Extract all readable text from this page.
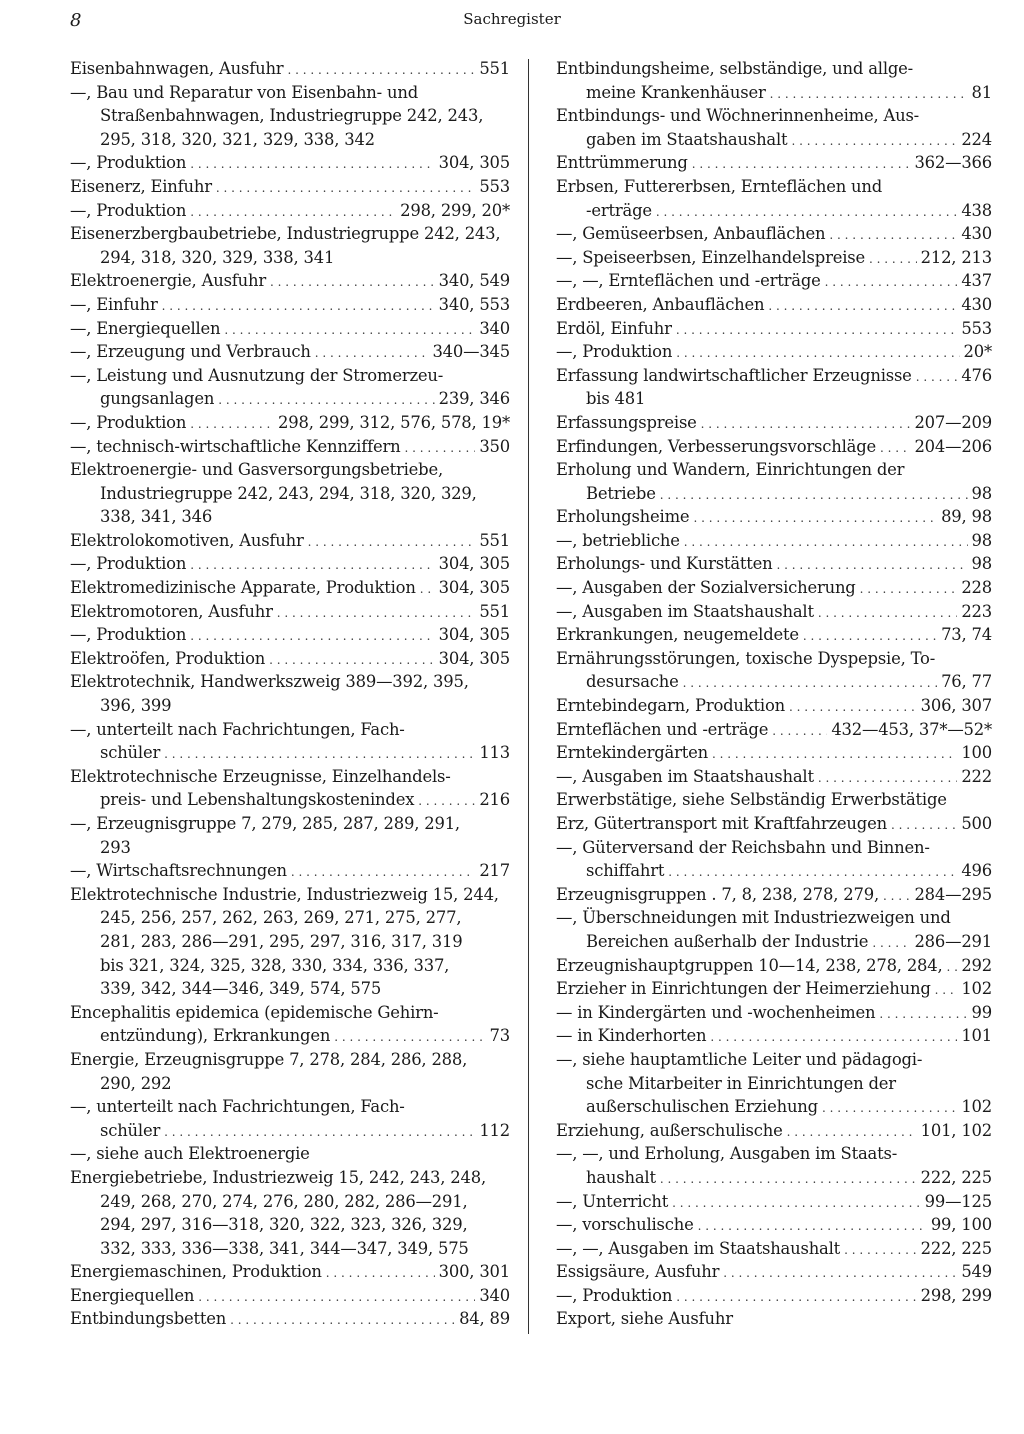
8	Sachregister
Eisenbahnwagen, Ausfuhr . . .	551
—, Bau und Reparatur von Eisenbahn- und
Straßenbahnwagen, Industriegruppe 242, 243,
295, 318, 320, 321, 329, 338, 342
—, Produktion . . .	304, 305
Eisenerz, Einfuhr . . .	553
—, Produktion . . .	298, 299, 20*
Eisenerzbergbaubetriebe, Industriegruppe 242, 243,
294, 318, 320, 329, 338, 341
Elektroenergie, Ausfuhr . . .	340, 549
—, Einfuhr . . .	340, 553
—, Energiequellen . . .	340
—, Erzeugung und Verbrauch . . .	340—345
—, Leistung und Ausnutzung der Stromerzeu-
gungsanlagen . . .	239, 346
—, Produktion . . .	298, 299, 312, 576, 578, 19*
—, technisch-wirtschaftliche Kennziffern . . .	350
Elektroenergie- und Gasversorgungsbetriebe,
Industriegruppe 242, 243, 294, 318, 320, 329,
338, 341, 346
Elektrolokomotiven, Ausfuhr . . .	551
—, Produktion . . .	304, 305
Elektromedizinische Apparate, Produktion . . . 304, 305
Elektromotoren, Ausfuhr . . .	551
—, Produktion . . .	304, 305
Elektroöfen, Produktion . . .	304, 305
Elektrotechnik, Handwerkszweig 389—392, 395,
396, 399
—, unterteilt nach Fachrichtungen, Fach-
schüler . . .	113
Elektrotechnische Erzeugnisse, Einzelhandels-
preis- und Lebenshaltungskostenindex . . .	216
—, Erzeugnisgruppe 7, 279, 285, 287, 289, 291,
293
—, Wirtschaftsrechnungen . . .	217
Elektrotechnische Industrie, Industriezweig 15, 244,
245, 256, 257, 262, 263, 269, 271, 275, 277,
281, 283, 286—291, 295, 297, 316, 317, 319
bis 321, 324, 325, 328, 330, 334, 336, 337,
339, 342, 344—346, 349, 574, 575
Encephalitis epidemica (epidemische Gehirn-
entzündung), Erkrankungen . . .	73
Energie, Erzeugnisgruppe 7, 278, 284, 286, 288,
290, 292
—, unterteilt nach Fachrichtungen, Fach-
schüler . . .	112
—, siehe auch Elektroenergie
Energiebetriebe, Industriezweig 15, 242, 243, 248,
249, 268, 270, 274, 276, 280, 282, 286—291,
294, 297, 316—318, 320, 322, 323, 326, 329,
332, 333, 336—338, 341, 344—347, 349, 575
Energiemaschinen, Produktion . . .	300, 301
Energiequellen . . .	340
Entbindungsbetten . . .	84, 89
Entbindungsheime, selbständige, und allge-
meine Krankenhäuser . . .	81
Entbindungs- und Wöchnerinnenheime, Aus-
gaben im Staatshaushalt . . .	224
Enttrümmerung . . .	362—366
Erbsen, Futtererbsen, Ernteflächen und
-erträge . . .	438
—, Gemüseerbsen, Anbauflächen . . .	430
—, Speiseerbsen, Einzelhandelspreise . . .	212, 213
—, —, Ernteflächen und -erträge . . .	437
Erdbeeren, Anbauflächen . . .	430
Erdöl, Einfuhr . . .	553
—, Produktion . . .	20*
Erfassung landwirtschaftlicher Erzeugnisse . . .	476
bis 481
Erfassungspreise . . .	207—209
Erfindungen, Verbesserungsvorschläge . . . 204—206
Erholung und Wandern, Einrichtungen der
Betriebe . . .	98
Erholungsheime . . .	89, 98
—, betriebliche . . .	98
Erholungs- und Kurstätten . . .	98
—, Ausgaben der Sozialversicherung . . .	228
—, Ausgaben im Staatshaushalt . . .	223
Erkrankungen, neugemeldete . . .	73, 74
Ernährungsstörungen, toxische Dyspepsie, To-
desursache . . .	76, 77
Erntebindegarn, Produktion . . .	306, 307
Ernteflächen und -erträge . . .	432—453, 37*—52*
Erntekindergärten . . .	100
—, Ausgaben im Staatshaushalt . . .	222
Erwerbstätige, siehe Selbständig Erwerbstätige
Erz, Gütertransport mit Kraftfahrzeugen . . .	500
—, Güterversand der Reichsbahn und Binnen-
schiffahrt . . .	496
Erzeugnisgruppen . 7, 8, 238, 278, 279, . . . 284—295
—, Überschneidungen mit Industriezweigen und
Bereichen außerhalb der Industrie . . .	286—291
Erzeugnishauptgruppen 10—14, 238, 278, 284, . . . 292
Erzieher in Einrichtungen der Heimerziehung . . . 102
— in Kindergärten und -wochenheimen . . .	99
— in Kinderhorten . . .	101
—, siehe hauptamtliche Leiter und pädagogi-
sche Mitarbeiter in Einrichtungen der
außerschulischen Erziehung . . .	102
Erziehung, außerschulische . . .	101, 102
—, —, und Erholung, Ausgaben im Staats-
haushalt . . .	222, 225
—, Unterricht . . .	99—125
—, vorschulische . . .	99, 100
—, —, Ausgaben im Staatshaushalt . . .	222, 225
Essigsäure, Ausfuhr . . .	549
—, Produktion . . .	298, 299
Export, siehe Ausfuhr
